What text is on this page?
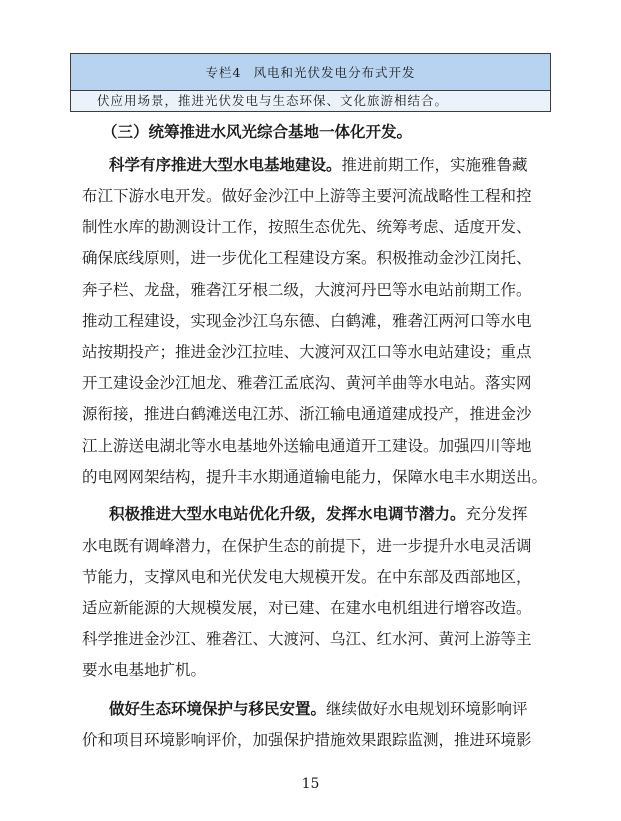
专栏4 风电和光伏发电分布式开发
伏应用场景，推进光伏发电与生态环保、文化旅游相结合。
（三）统筹推进水风光综合基地一体化开发。
科学有序推进大型水电基地建设。推进前期工作，实施雅鲁藏
布江下游水电开发。做好金沙江中上游等主要河流战略性工程和控
制性水库的勘测设计工作，按照生态优先、统筹考虑、适度开发、
确保底线原则，进一步优化工程建设方案。积极推动金沙江岗托、
奔子栏、龙盘，雅砻江牙根二级，大渡河丹巴等水电站前期工作。
推动工程建设，实现金沙江乌东德、白鹤滩，雅砻江两河口等水电
站按期投产；推进金沙江拉哇、大渡河双江口等水电站建设；重点
开工建设金沙江旭龙、雅砻江孟底沟、黄河羊曲等水电站。落实网
源衔接，推进白鹤滩送电江苏、浙江输电通道建成投产，推进金沙
江上游送电湖北等水电基地外送输电通道开工建设。加强四川等地
的电网网架结构，提升丰水期通道输电能力，保障水电丰水期送出。
积极推进大型水电站优化升级，发挥水电调节潜力。充分发挥
水电既有调峰潜力，在保护生态的前提下，进一步提升水电灵活调
节能力，支撑风电和光伏发电大规模开发。在中东部及西部地区，
适应新能源的大规模发展，对已建、在建水电机组进行增容改造。
科学推进金沙江、雅砻江、大渡河、乌江、红水河、黄河上游等主
要水电基地扩机。
做好生态环境保护与移民安置。继续做好水电规划环境影响评
价和项目环境影响评价，加强保护措施效果跟踪监测，推进环境影
15
